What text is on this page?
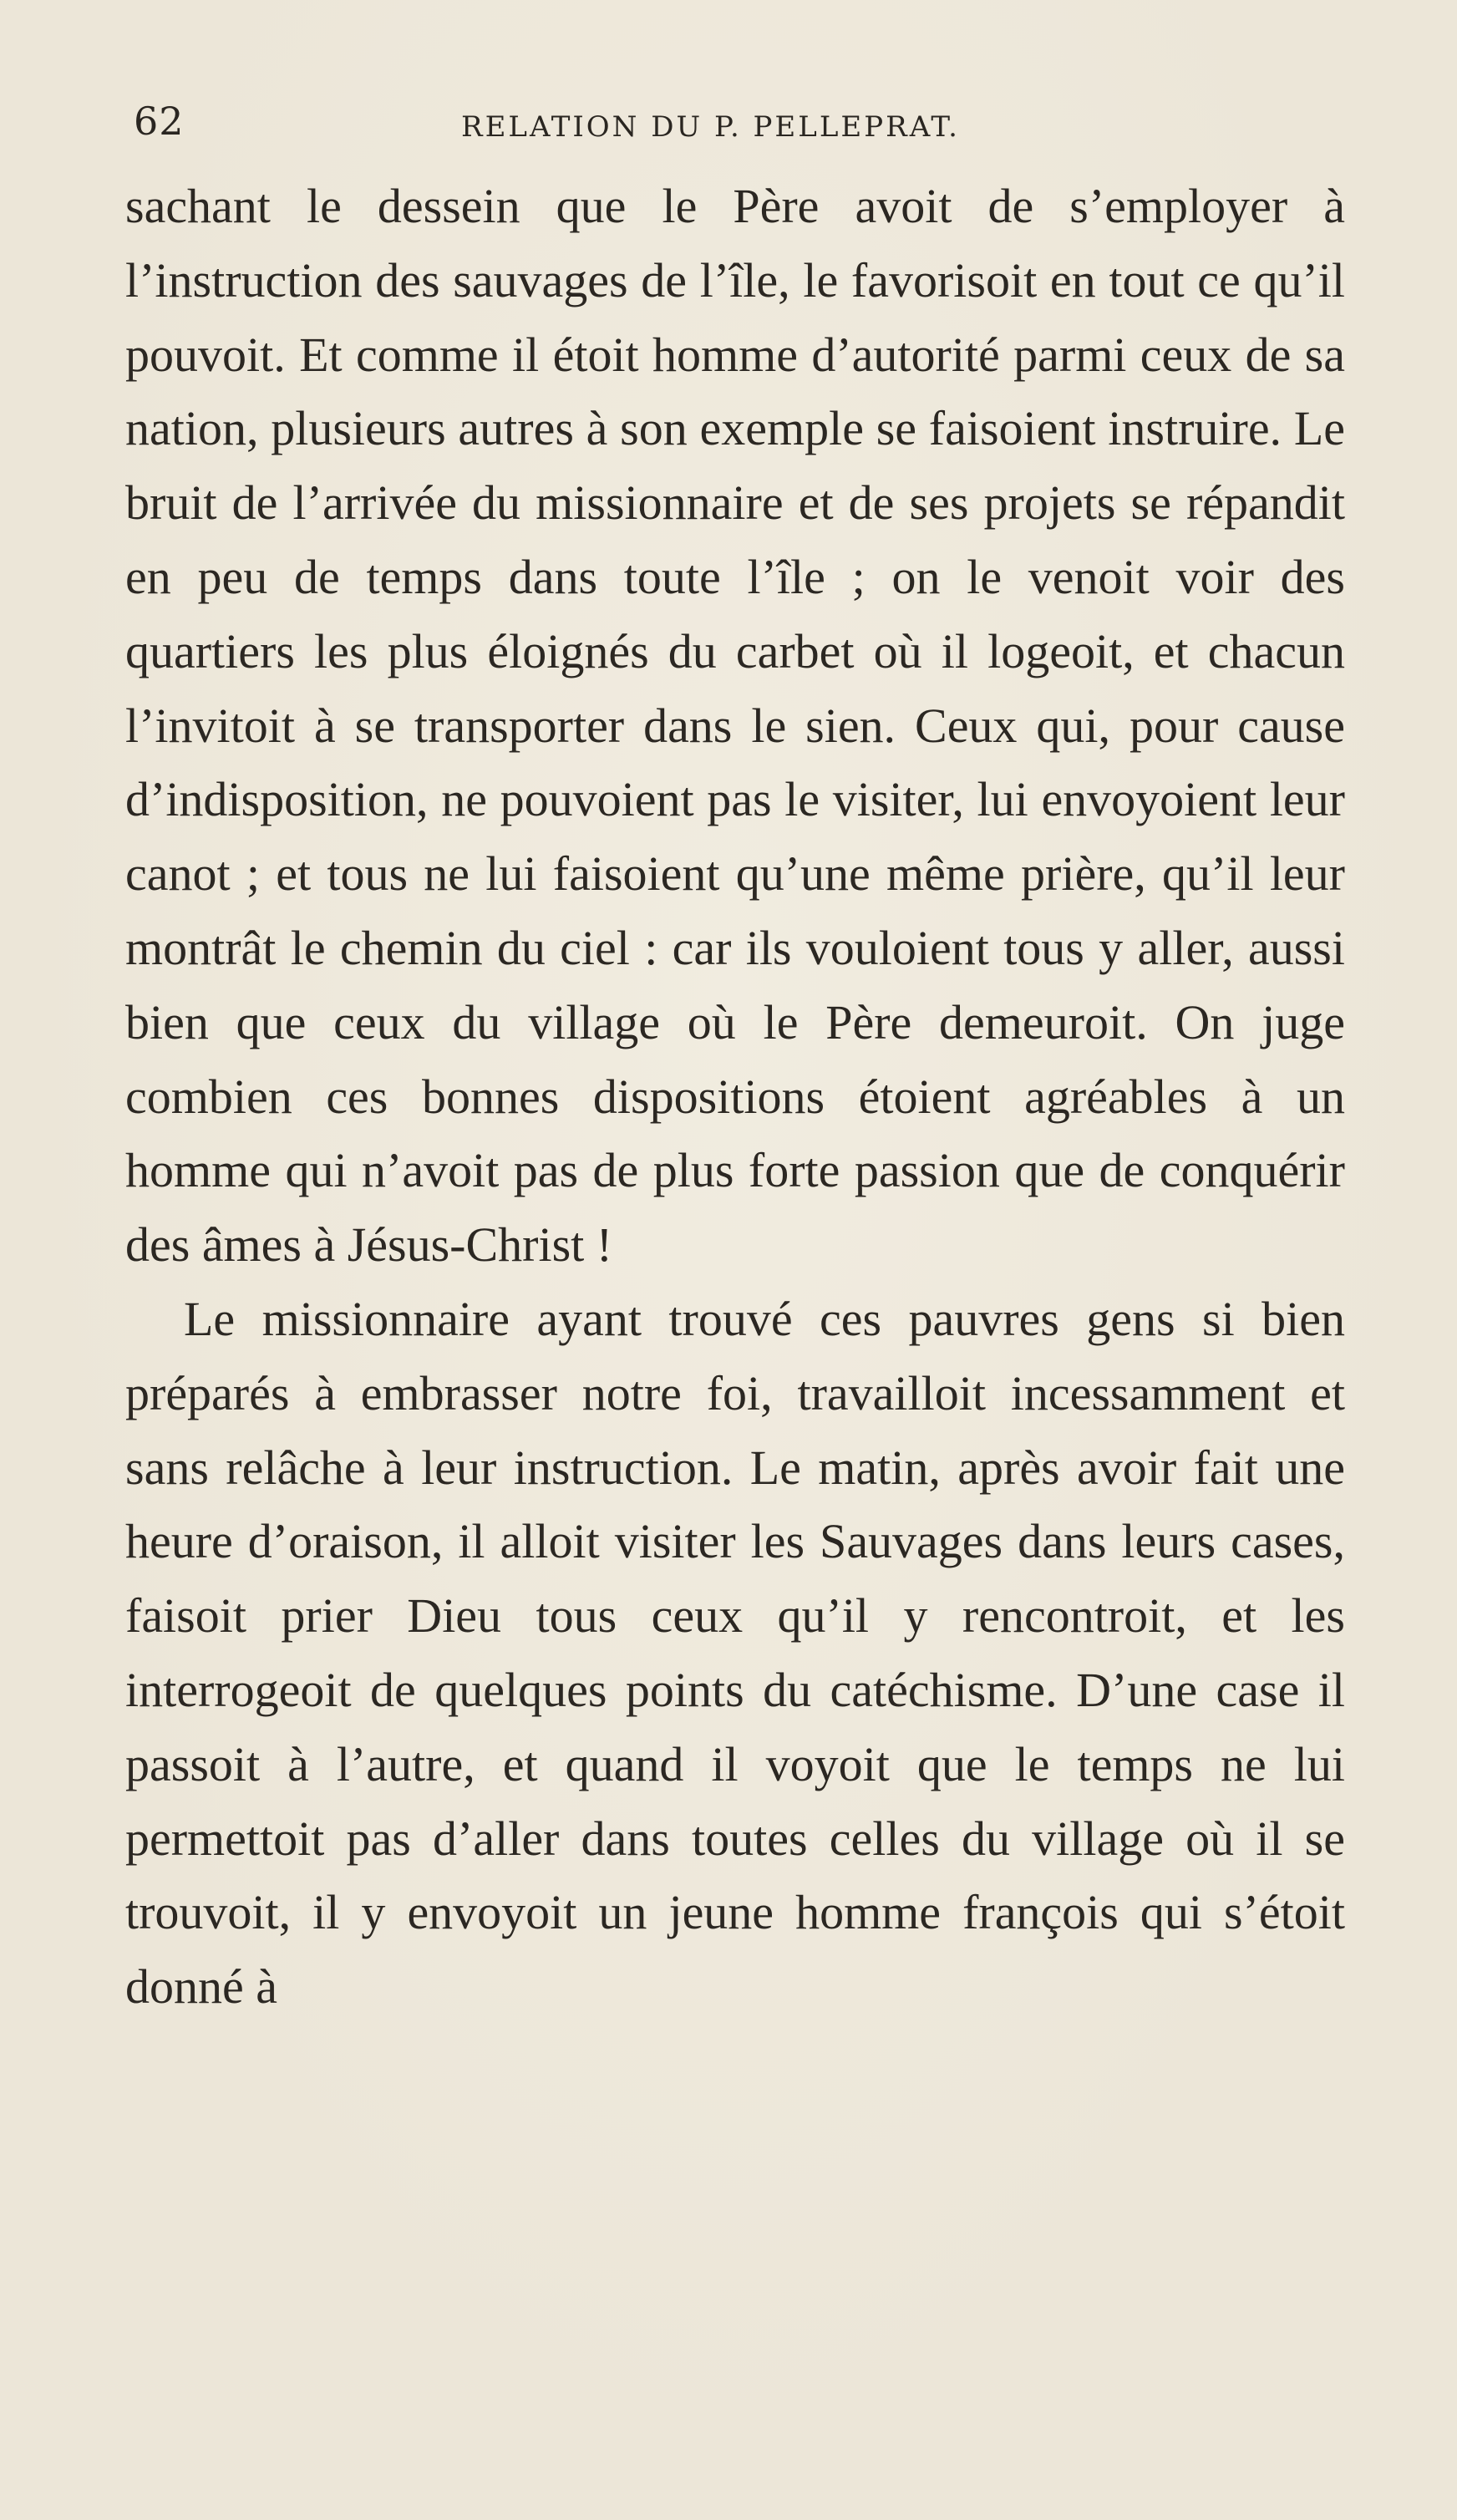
62	RELATION DU P. PELLEPRAT.

sachant le dessein que le Père avoit de s’employer à l’instruction des sauvages de l’île, le favorisoit en tout ce qu’il pouvoit. Et comme il étoit homme d’autorité parmi ceux de sa nation, plusieurs autres à son exemple se faisoient instruire. Le bruit de l’arrivée du missionnaire et de ses projets se répandit en peu de temps dans toute l’île ; on le venoit voir des quartiers les plus éloignés du carbet où il logeoit, et chacun l’invitoit à se transporter dans le sien. Ceux qui, pour cause d’indisposition, ne pouvoient pas le visiter, lui envoyoient leur canot ; et tous ne lui faisoient qu’une même prière, qu’il leur montrât le chemin du ciel : car ils vouloient tous y aller, aussi bien que ceux du village où le Père demeuroit. On juge combien ces bonnes dispositions étoient agréables à un homme qui n’avoit pas de plus forte passion que de conquérir des âmes à Jésus-Christ !

Le missionnaire ayant trouvé ces pauvres gens si bien préparés à embrasser notre foi, travailloit incessamment et sans relâche à leur instruction. Le matin, après avoir fait une heure d’oraison, il alloit visiter les Sauvages dans leurs cases, faisoit prier Dieu tous ceux qu’il y rencontroit, et les interrogeoit de quelques points du catéchisme. D’une case il passoit à l’autre, et quand il voyoit que le temps ne lui permettoit pas d’aller dans toutes celles du village où il se trouvoit, il y envoyoit un jeune homme françois qui s’étoit donné à
